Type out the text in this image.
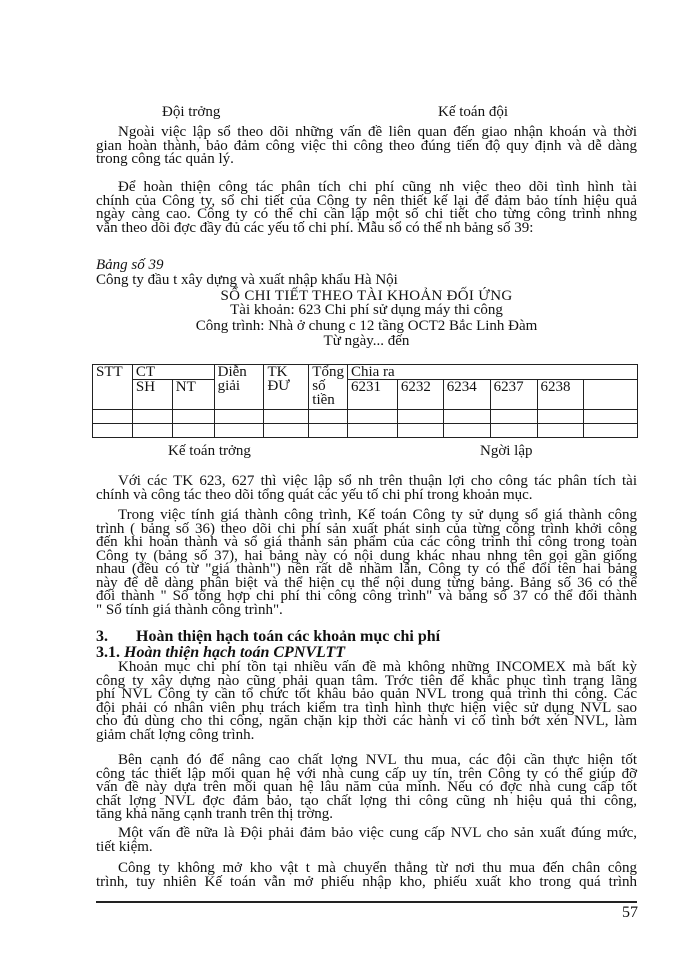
Đội trởng	Kế toán đội

Ngoài việc lập sổ theo dõi những vấn đề liên quan đến giao nhận khoán và thời
gian hoàn thành, bảo đảm công việc thi công theo đúng tiến độ quy định và dễ dàng
trong công tác quản lý.
Để hoàn thiện công tác phân tích chi phí cũng nh việc theo dõi tình hình tài
chính của Công ty, sổ chi tiết của Công ty nên thiết kế lại để đảm bảo tính hiệu quả
ngày càng cao. Công ty có thể chỉ cần lập một số chi tiết cho từng công trình nhng
vẫn theo dõi đợc đầy đủ các yếu tố chi phí. Mẫu sổ có thể nh bảng số 39:

Bảng số 39

Công ty đầu t xây dựng và xuất nhập khẩu Hà Nội

SỔ CHI TIẾT THEO TÀI KHOẢN ĐỐI ỨNG

Tài khoản: 623 Chi phí sử dụng máy thi công

Công trình: Nhà ở chung c 12 tầng OCT2 Bắc Linh Đàm

Từ ngày... đến

STT	CT		Diễn giải	TK ĐƯ	Tổng số tiền	Chia ra					
	SH	NT				6231	6232	6234	6237	6238	

Kế toán trởng	Ngời lập

Với các TK 623, 627 thì việc lập sổ nh trên thuận lợi cho công tác phân tích tài
chính và công tác theo dõi tổng quát các yếu tố chi phí trong khoản mục.
Trong việc tính giá thành công trình, Kế toán Công ty sử dụng sổ giá thành công
trình ( bảng số 36) theo dõi chi phí sản xuất phát sinh của từng công trình khởi công
đến khi hoàn thành và sổ giá thành sản phẩm của các công trình thi công trong toàn
Công ty (bảng số 37), hai bảng này có nội dung khác nhau nhng tên gọi gần giống
nhau (đều có từ "giá thành") nên rất dễ nhầm lẫn, Công ty có thể đổi tên hai bảng
này để dễ dàng phân biệt và thể hiện cụ thể nội dung từng bảng. Bảng số 36 có thể
đổi thành " Sổ tổng hợp chi phí thi công công trình" và bảng số 37 có thể đổi thành
" Sổ tính giá thành công trình".

3. Hoàn thiện hạch toán các khoản mục chi phí

3.1. Hoàn thiện hạch toán CPNVLTT

Khoản mục chi phí tồn tại nhiều vấn đề mà không những INCOMEX mà bất kỳ
công ty xây dựng nào cũng phải quan tâm. Trớc tiên để khắc phục tình trạng lãng
phí NVL Công ty cần tổ chức tốt khâu bảo quản NVL trong quá trình thi công. Các
đội phải có nhân viên phụ trách kiểm tra tình hình thực hiện việc sử dụng NVL sao
cho đủ dùng cho thi công, ngăn chặn kịp thời các hành vi cố tình bớt xén NVL, làm
giảm chất lợng công trình.
Bên cạnh đó để nâng cao chất lợng NVL thu mua, các đội cần thực hiện tốt
công tác thiết lập mối quan hệ với nhà cung cấp uy tín, trên Công ty có thể giúp đỡ
vấn đề này dựa trên mối quan hệ lâu năm của mình. Nếu có đợc nhà cung cấp tốt
chất lợng NVL đợc đảm bảo, tạo chất lợng thi công cũng nh hiệu quả thi công,
tăng khả năng cạnh tranh trên thị trờng.
Một vấn đề nữa là Đội phải đảm bảo việc cung cấp NVL cho sản xuất đúng mức,
tiết kiệm.
Công ty không mở kho vật t mà chuyển thẳng từ nơi thu mua đến chân công
trình, tuy nhiên Kế toán vẫn mở phiếu nhập kho, phiếu xuất kho trong quá trình

57
